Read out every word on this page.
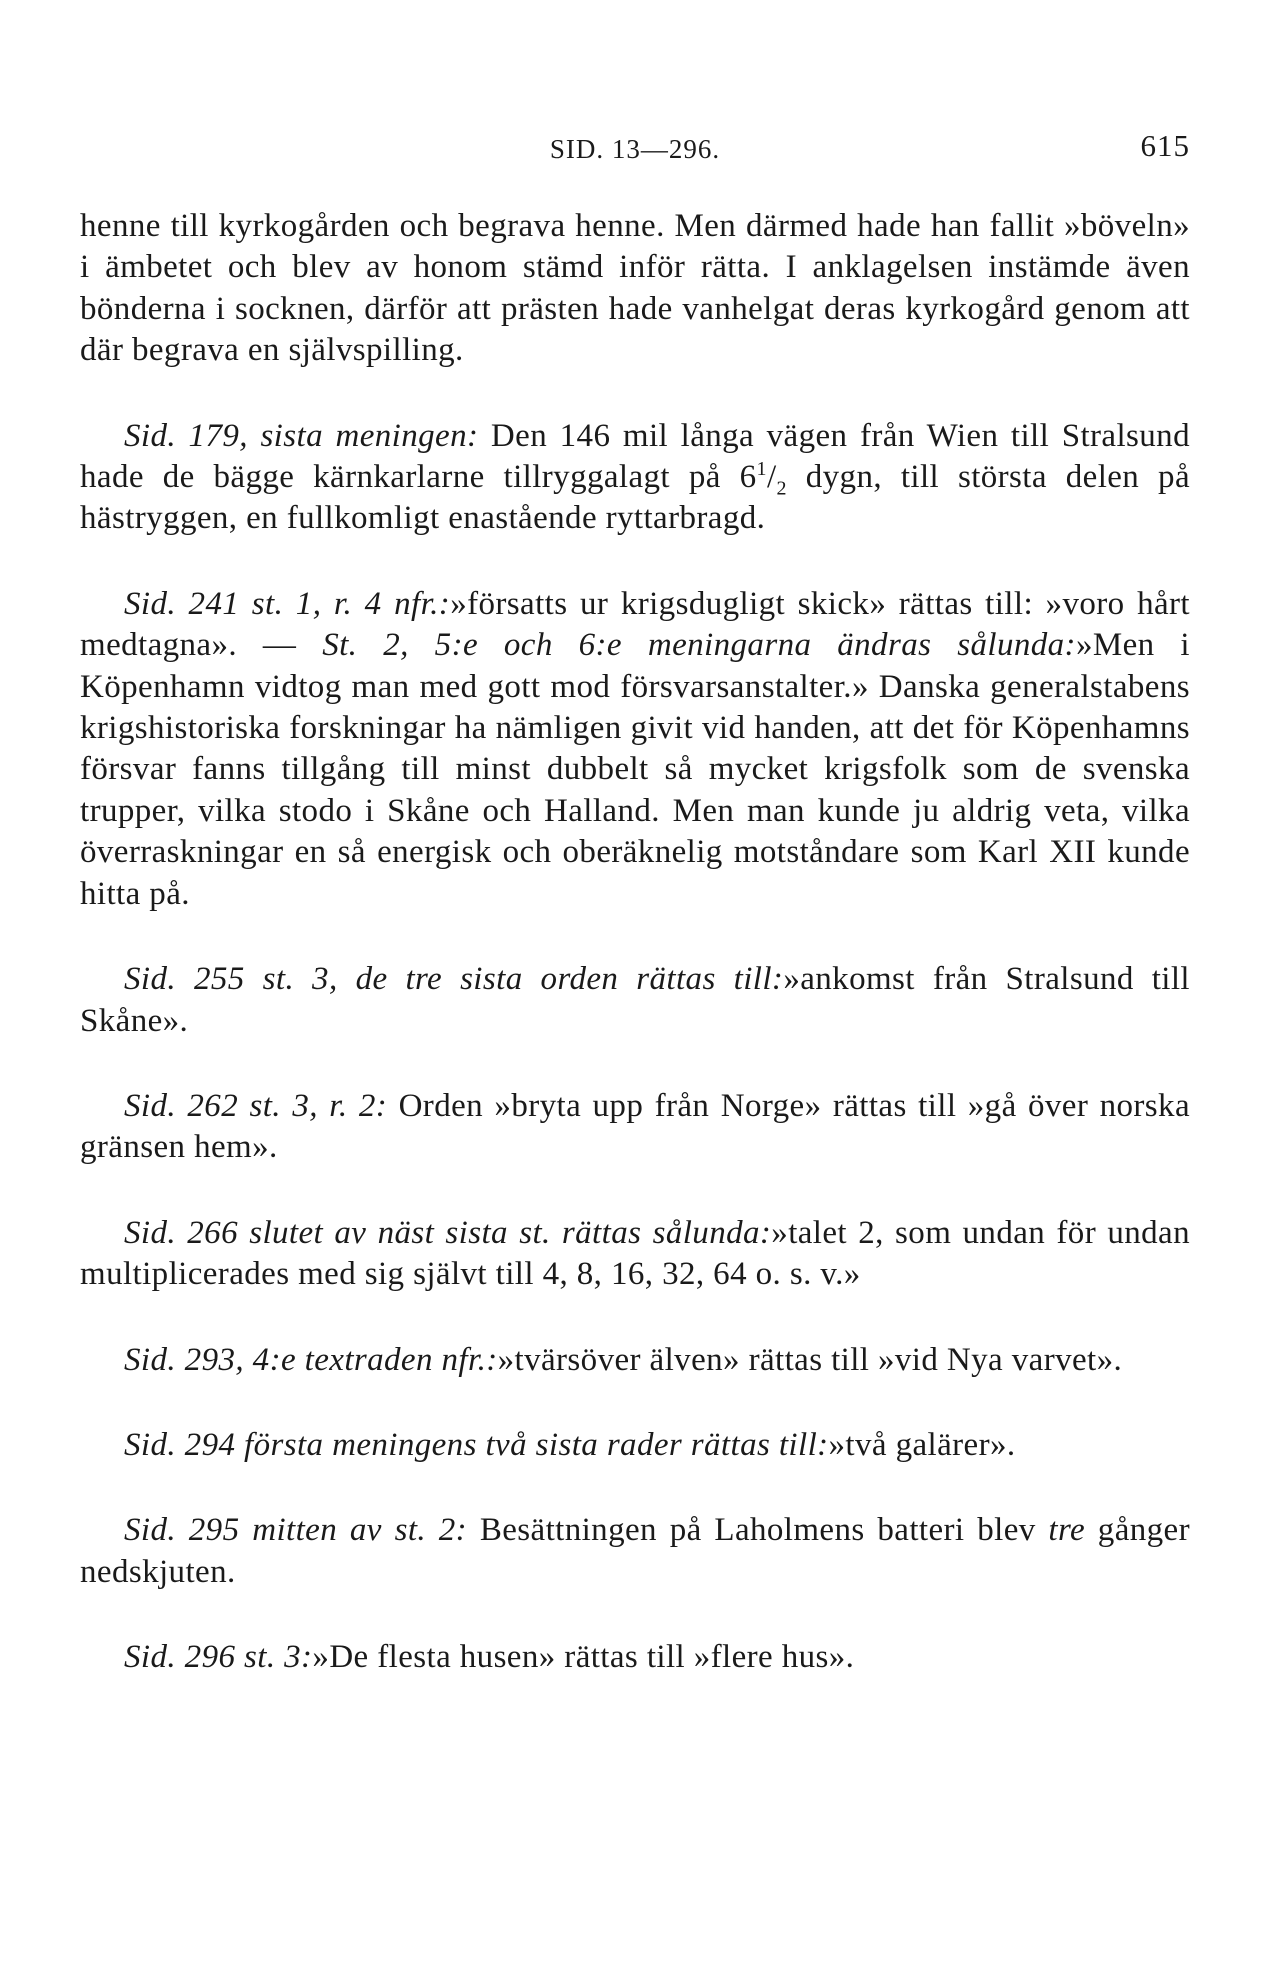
SID. 13—296.	615

henne till kyrkogården och begrava henne. Men därmed hade han fallit »böveln» i ämbetet och blev av honom stämd inför rätta. I anklagelsen instämde även bönderna i socknen, därför att prästen hade vanhelgat deras kyrkogård genom att där begrava en självspilling.

Sid. 179, sista meningen: Den 146 mil långa vägen från Wien till Stralsund hade de bägge kärnkarlarne tillryggalagt på $6^1/_2$ dygn, till största delen på hästryggen, en fullkomligt enastående ryttarbragd.

Sid. 241 st. 1, r. 4 nfr.:»försatts ur krigsdugligt skick» rättas till: »voro hårt medtagna». — St. 2, 5:e och 6:e meningarna ändras sålunda:»Men i Köpenhamn vidtog man med gott mod försvarsanstalter.» Danska generalstabens krigshistoriska forskningar ha nämligen givit vid handen, att det för Köpenhamns försvar fanns tillgång till minst dubbelt så mycket krigsfolk som de svenska trupper, vilka stodo i Skåne och Halland. Men man kunde ju aldrig veta, vilka överraskningar en så energisk och oberäknelig motståndare som Karl XII kunde hitta på.

Sid. 255 st. 3, de tre sista orden rättas till:»ankomst från Stralsund till Skåne».

Sid. 262 st. 3, r. 2: Orden »bryta upp från Norge» rättas till »gå över norska gränsen hem».

Sid. 266 slutet av näst sista st. rättas sålunda:»talet 2, som undan för undan multiplicerades med sig självt till 4, 8, 16, 32, 64 o. s. v.»

Sid. 293, 4:e textraden nfr.:»tvärsöver älven» rättas till »vid Nya varvet».

Sid. 294 första meningens två sista rader rättas till:»två galärer».

Sid. 295 mitten av st. 2: Besättningen på Laholmens batteri blev tre gånger nedskjuten.

Sid. 296 st. 3:»De flesta husen» rättas till »flere hus».
